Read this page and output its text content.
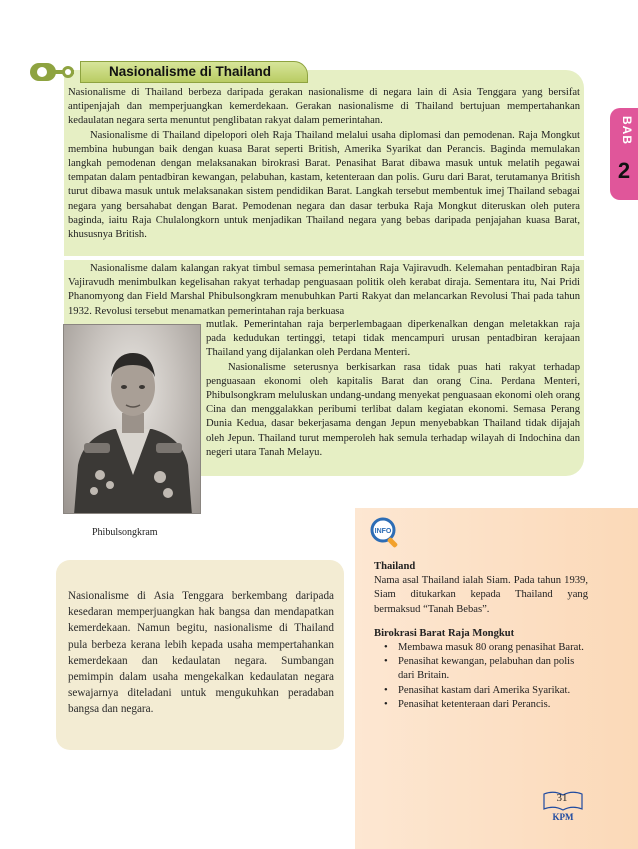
Nasionalisme di Thailand
BAB
2

Nasionalisme di Thailand berbeza daripada gerakan nasionalisme di negara lain di Asia Tenggara yang bersifat antipenjajah dan memperjuangkan kemerdekaan. Gerakan nasionalisme di Thailand bertujuan mempertahankan kedaulatan negara serta menuntut penglibatan rakyat dalam pemerintahan.

Nasionalisme di Thailand dipelopori oleh Raja Thailand melalui usaha diplomasi dan pemodenan. Raja Mongkut membina hubungan baik dengan kuasa Barat seperti British, Amerika Syarikat dan Perancis. Baginda memulakan langkah pemodenan dengan melaksanakan birokrasi Barat. Penasihat Barat dibawa masuk untuk melatih pegawai tempatan dalam pentadbiran kewangan, pelabuhan, kastam, ketenteraan dan polis. Guru dari Barat, terutamanya British turut dibawa masuk untuk melaksanakan sistem pendidikan Barat. Langkah tersebut membentuk imej Thailand sebagai negara yang bersahabat dengan Barat. Pemodenan negara dan dasar terbuka Raja Mongkut diteruskan oleh putera baginda, iaitu Raja Chulalongkorn untuk menjadikan Thailand negara yang bebas daripada penjajahan kuasa Barat, khususnya British.

Nasionalisme dalam kalangan rakyat timbul semasa pemerintahan Raja Vajiravudh. Kelemahan pentadbiran Raja Vajiravudh menimbulkan kegelisahan rakyat terhadap penguasaan politik oleh kerabat diraja. Sementara itu, Nai Pridi Phanomyong dan Field Marshal Phibulsongkram menubuhkan Parti Rakyat dan melancarkan Revolusi Thai pada tahun 1932. Revolusi tersebut menamatkan pemerintahan raja berkuasa

mutlak. Pemerintahan raja berperlembagaan diperkenalkan dengan meletakkan raja pada kedudukan tertinggi, tetapi tidak mencampuri urusan pentadbiran kerajaan Thailand yang dijalankan oleh Perdana Menteri.

Nasionalisme seterusnya berkisarkan rasa tidak puas hati rakyat terhadap penguasaan ekonomi oleh kapitalis Barat dan orang Cina. Perdana Menteri, Phibulsongkram meluluskan undang-undang menyekat penguasaan ekonomi oleh orang Cina dan menggalakkan peribumi terlibat dalam kegiatan ekonomi. Semasa Perang Dunia Kedua, dasar bekerjasama dengan Jepun menyebabkan Thailand tidak dijajah oleh Jepun. Thailand turut memperoleh hak semula terhadap wilayah di Indochina dan negeri utara Tanah Melayu.

Phibulsongkram
Nasionalisme di Asia Tenggara berkembang daripada kesedaran memperjuangkan hak bangsa dan mendapatkan kemerdekaan. Namun begitu, nasionalisme di Thailand pula berbeza kerana lebih kepada usaha mempertahankan kemerdekaan dan kedaulatan negara. Sumbangan pemimpin dalam usaha mengekalkan kedaulatan negara sewajarnya diteladani untuk mengukuhkan peradaban bangsa dan negara.
INFO
Thailand
Nama asal Thailand ialah Siam. Pada tahun 1939, Siam ditukarkan kepada Thailand yang bermaksud “Tanah Bebas”.
Birokrasi Barat Raja Mongkut
• Membawa masuk 80 orang penasihat Barat.
• Penasihat kewangan, pelabuhan dan polis dari Britain.
• Penasihat kastam dari Amerika Syarikat.
• Penasihat ketenteraan dari Perancis.
31
KPM
